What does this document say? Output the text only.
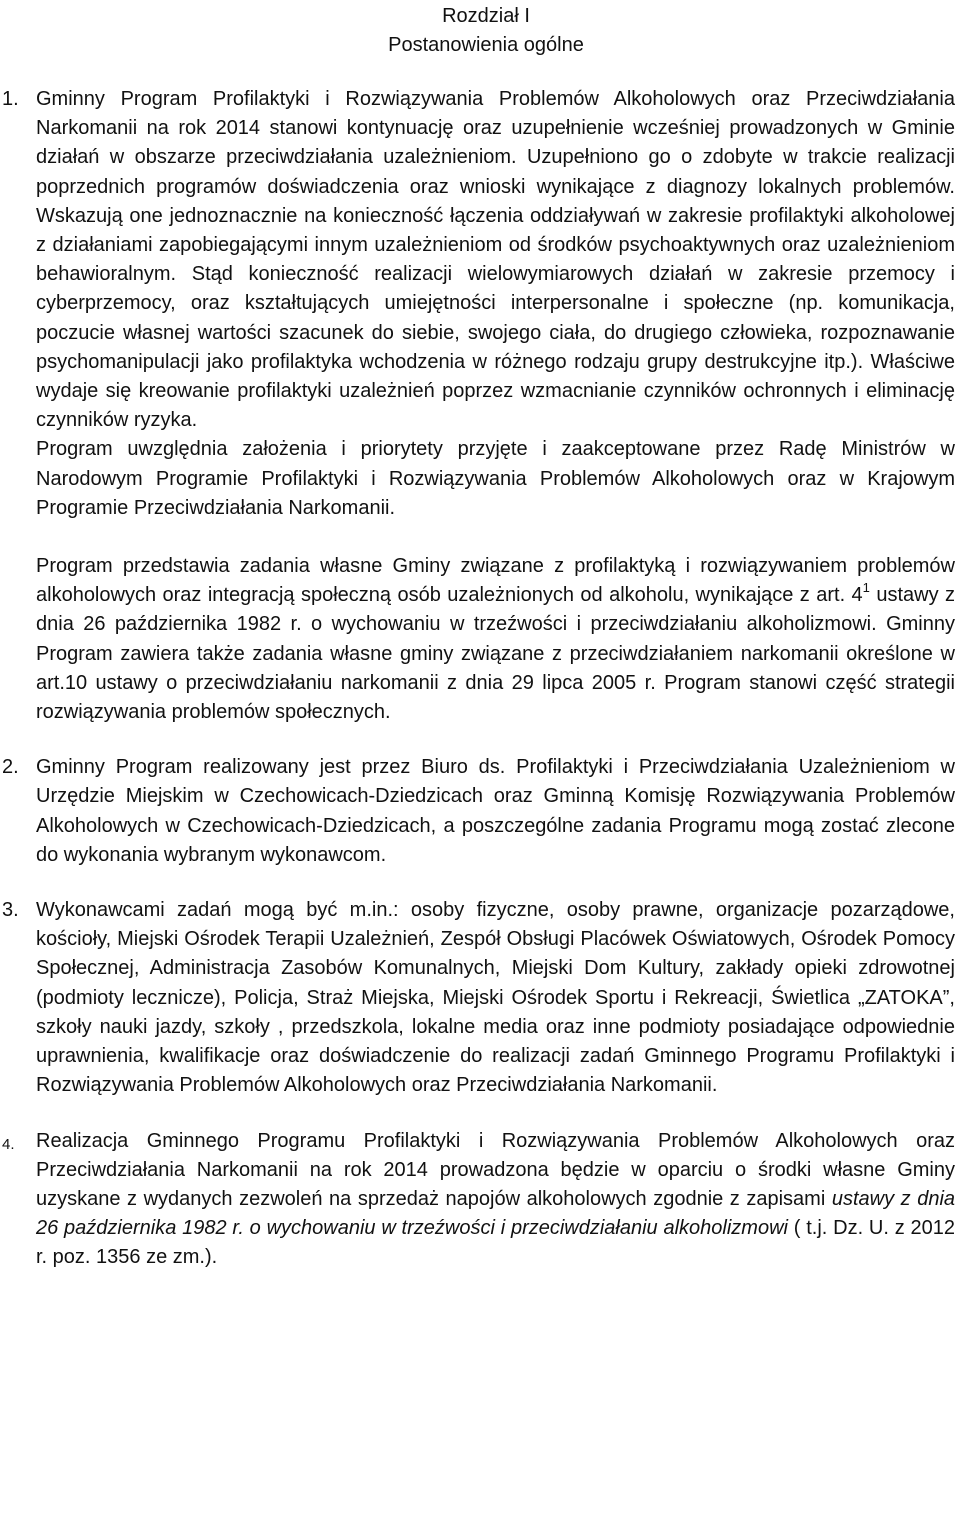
Rozdział I
Postanowienia ogólne
1. Gminny Program Profilaktyki i Rozwiązywania Problemów Alkoholowych oraz Przeciwdziałania Narkomanii na rok 2014 stanowi kontynuację oraz uzupełnienie wcześniej prowadzonych w Gminie działań w obszarze przeciwdziałania uzależnieniom. Uzupełniono go o zdobyte w trakcie realizacji poprzednich programów doświadczenia oraz wnioski wynikające z diagnozy lokalnych problemów. Wskazują one jednoznacznie na konieczność łączenia oddziaływań w zakresie profilaktyki alkoholowej z działaniami zapobiegającymi innym uzależnieniom od środków psychoaktywnych oraz uzależnieniom behawioralnym. Stąd konieczność realizacji wielowymiarowych działań w zakresie przemocy i cyberprzemocy, oraz kształtujących umiejętności interpersonalne i społeczne (np. komunikacja, poczucie własnej wartości szacunek do siebie, swojego ciała, do drugiego człowieka, rozpoznawanie psychomanipulacji jako profilaktyka wchodzenia w różnego rodzaju grupy destrukcyjne itp.). Właściwe wydaje się kreowanie profilaktyki uzależnień poprzez wzmacnianie czynników ochronnych i eliminację czynników ryzyka.

Program uwzględnia założenia i priorytety przyjęte i zaakceptowane przez Radę Ministrów w Narodowym Programie Profilaktyki i Rozwiązywania Problemów Alkoholowych oraz w Krajowym Programie Przeciwdziałania Narkomanii.

Program przedstawia zadania własne Gminy związane z profilaktyką i rozwiązywaniem problemów alkoholowych oraz integracją społeczną osób uzależnionych od alkoholu, wynikające z art. $4^1$ ustawy z dnia 26 października 1982 r. o wychowaniu w trzeźwości i przeciwdziałaniu alkoholizmowi. Gminny Program zawiera także zadania własne gminy związane z przeciwdziałaniem narkomanii określone w art.10 ustawy o przeciwdziałaniu narkomanii z dnia 29 lipca 2005 r. Program stanowi część strategii rozwiązywania problemów społecznych.

2. Gminny Program realizowany jest przez Biuro ds. Profilaktyki i Przeciwdziałania Uzależnieniom w Urzędzie Miejskim w Czechowicach-Dziedzicach oraz Gminną Komisję Rozwiązywania Problemów Alkoholowych w Czechowicach-Dziedzicach, a poszczególne zadania Programu mogą zostać zlecone do wykonania wybranym wykonawcom.

3. Wykonawcami zadań mogą być m.in.: osoby fizyczne, osoby prawne, organizacje pozarządowe, kościoły, Miejski Ośrodek Terapii Uzależnień, Zespół Obsługi Placówek Oświatowych, Ośrodek Pomocy Społecznej, Administracja Zasobów Komunalnych, Miejski Dom Kultury, zakłady opieki zdrowotnej (podmioty lecznicze), Policja, Straż Miejska, Miejski Ośrodek Sportu i Rekreacji, Świetlica „ZATOKA”, szkoły nauki jazdy, szkoły , przedszkola, lokalne media oraz inne podmioty posiadające odpowiednie uprawnienia, kwalifikacje oraz doświadczenie do realizacji zadań Gminnego Programu Profilaktyki i Rozwiązywania Problemów Alkoholowych oraz Przeciwdziałania Narkomanii.

4. Realizacja Gminnego Programu Profilaktyki i Rozwiązywania Problemów Alkoholowych oraz Przeciwdziałania Narkomanii na rok 2014 prowadzona będzie w oparciu o środki własne Gminy uzyskane z wydanych zezwoleń na sprzedaż napojów alkoholowych zgodnie z zapisami ustawy z dnia 26 października 1982 r. o wychowaniu w trzeźwości i przeciwdziałaniu alkoholizmowi ( t.j. Dz. U. z 2012 r. poz. 1356 ze zm.).
